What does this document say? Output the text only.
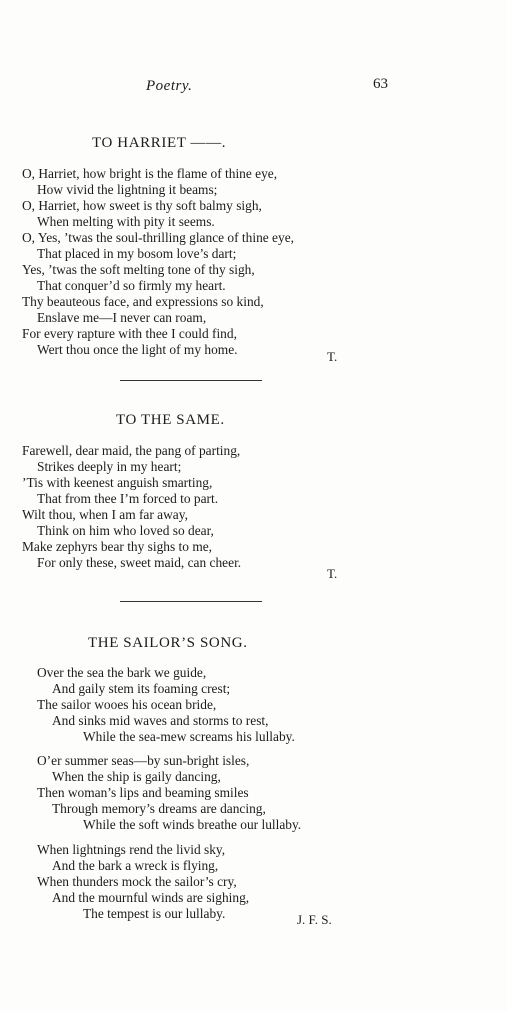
Poetry.	63
TO HARRIET ——.
O, Harriet, how bright is the flame of thine eye,
How vivid the lightning it beams;
O, Harriet, how sweet is thy soft balmy sigh,
When melting with pity it seems.
O, Yes, ’twas the soul-thrilling glance of thine eye,
That placed in my bosom love’s dart;
Yes, ’twas the soft melting tone of thy sigh,
That conquer’d so firmly my heart.
Thy beauteous face, and expressions so kind,
Enslave me—I never can roam,
For every rapture with thee I could find,
Wert thou once the light of my home.	T.
TO THE SAME.
Farewell, dear maid, the pang of parting,
Strikes deeply in my heart;
’Tis with keenest anguish smarting,
That from thee I’m forced to part.
Wilt thou, when I am far away,
Think on him who loved so dear,
Make zephyrs bear thy sighs to me,
For only these, sweet maid, can cheer.
T.
THE SAILOR’S SONG.
Over the sea the bark we guide,
And gaily stem its foaming crest;
The sailor wooes his ocean bride,
And sinks mid waves and storms to rest,
While the sea-mew screams his lullaby.
O’er summer seas—by sun-bright isles,
When the ship is gaily dancing,
Then woman’s lips and beaming smiles
Through memory’s dreams are dancing,
While the soft winds breathe our lullaby.
When lightnings rend the livid sky,
And the bark a wreck is flying,
When thunders mock the sailor’s cry,
And the mournful winds are sighing,
The tempest is our lullaby.	J. F. S.
